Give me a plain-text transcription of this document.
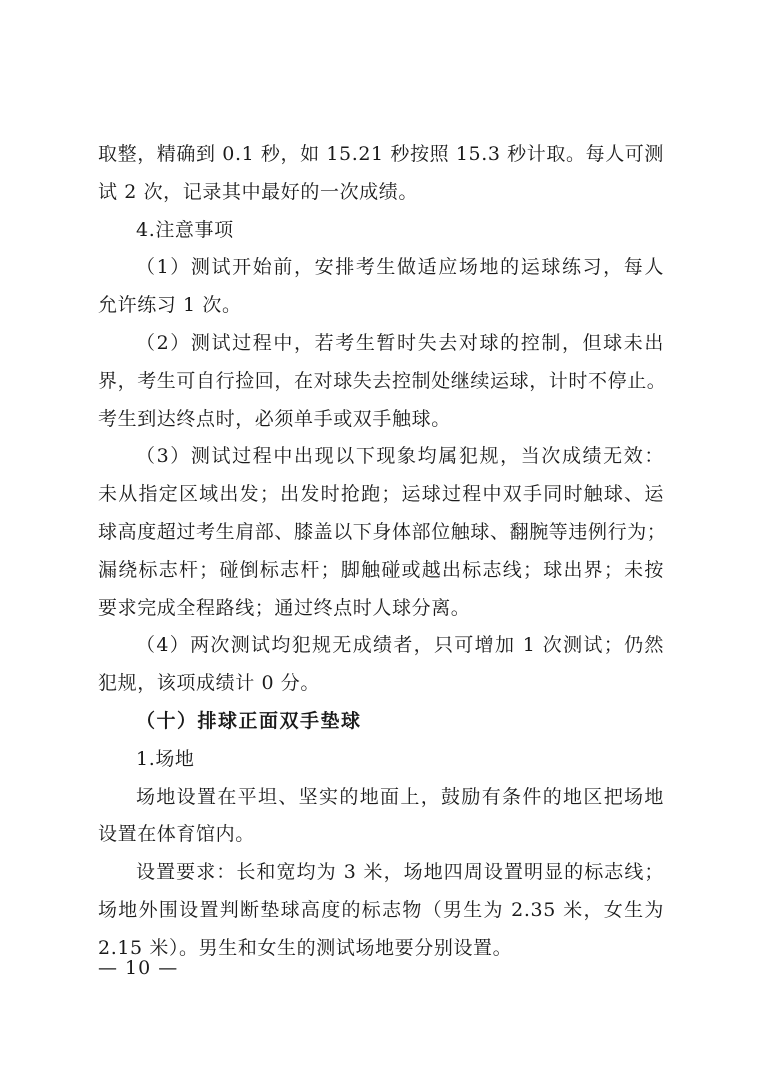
取整，精确到 0.1 秒，如 15.21 秒按照 15.3 秒计取。每人可测
试 2 次，记录其中最好的一次成绩。
4.注意事项
（1）测试开始前，安排考生做适应场地的运球练习，每人
允许练习 1 次。
（2）测试过程中，若考生暂时失去对球的控制，但球未出
界，考生可自行捡回，在对球失去控制处继续运球，计时不停止。
考生到达终点时，必须单手或双手触球。
（3）测试过程中出现以下现象均属犯规，当次成绩无效：
未从指定区域出发；出发时抢跑；运球过程中双手同时触球、运
球高度超过考生肩部、膝盖以下身体部位触球、翻腕等违例行为；
漏绕标志杆；碰倒标志杆；脚触碰或越出标志线；球出界；未按
要求完成全程路线；通过终点时人球分离。
（4）两次测试均犯规无成绩者，只可增加 1 次测试；仍然
犯规，该项成绩计 0 分。
（十）排球正面双手垫球
1.场地
场地设置在平坦、坚实的地面上，鼓励有条件的地区把场地
设置在体育馆内。
设置要求：长和宽均为 3 米，场地四周设置明显的标志线；
场地外围设置判断垫球高度的标志物（男生为 2.35 米，女生为
2.15 米）。男生和女生的测试场地要分别设置。
— 10 —
